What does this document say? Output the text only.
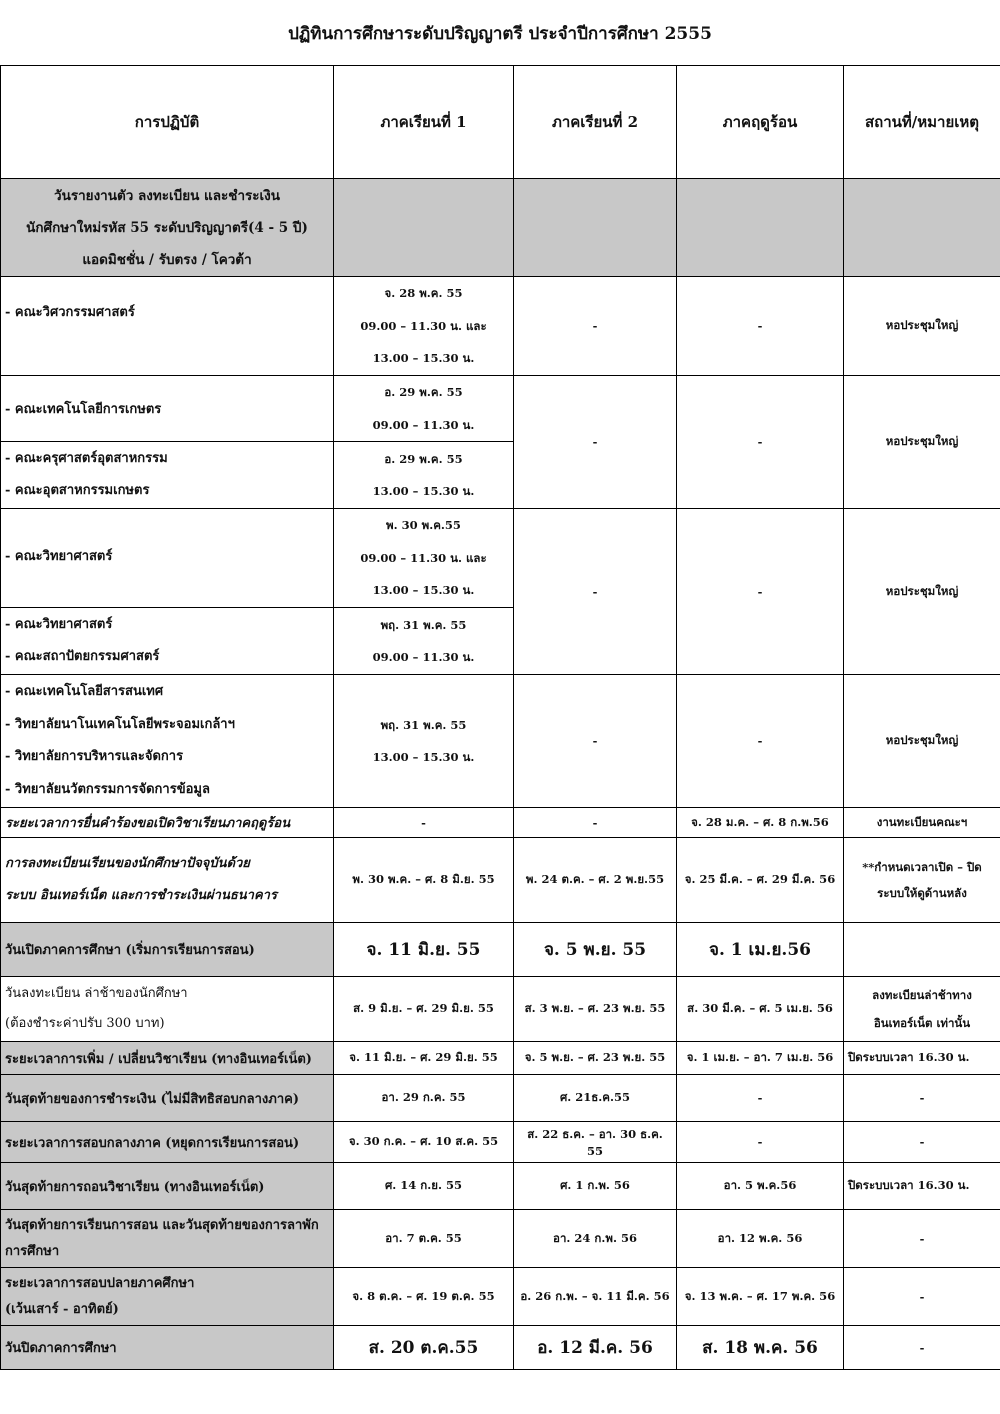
ปฏิทินการศึกษาระดับปริญญาตรี ประจำปีการศึกษา 2555
การปฏิบัติ	ภาคเรียนที่ 1	ภาคเรียนที่ 2	ภาคฤดูร้อน	สถานที่/หมายเหตุ

วันรายงานตัว ลงทะเบียน และชำระเงิน
นักศึกษาใหม่รหัส 55 ระดับปริญญาตรี(4 - 5 ปี)
แอดมิชชั่น / รับตรง / โควต้า				

- คณะวิศวกรรมศาสตร์	จ. 28 พ.ค. 55
09.00 – 11.30 น. และ
13.00 – 15.30 น.	-	-	หอประชุมใหญ่
- คณะเทคโนโลยีการเกษตร	อ. 29 พ.ค. 55
09.00 – 11.30 น.	-	-	หอประชุมใหญ่

- คณะครุศาสตร์อุตสาหกรรม
- คณะอุตสาหกรรมเกษตร	อ. 29 พ.ค. 55
13.00 – 15.30 น.			

- คณะวิทยาศาสตร์	พ. 30 พ.ค.55
09.00 – 11.30 น. และ
13.00 – 15.30 น.	-	-	หอประชุมใหญ่

- คณะวิทยาศาสตร์
- คณะสถาปัตยกรรมศาสตร์	พฤ. 31 พ.ค. 55
09.00 – 11.30 น.			

- คณะเทคโนโลยีสารสนเทศ
- วิทยาลัยนาโนเทคโนโลยีพระจอมเกล้าฯ
- วิทยาลัยการบริหารและจัดการ
- วิทยาลัยนวัตกรรมการจัดการข้อมูล	พฤ. 31 พ.ค. 55
13.00 – 15.30 น.	-	-	หอประชุมใหญ่
ระยะเวลาการยื่นคำร้องขอเปิดวิชาเรียนภาคฤดูร้อน	-	-	จ. 28 ม.ค. – ศ. 8 ก.พ.56	งานทะเบียนคณะฯ

การลงทะเบียนเรียนของนักศึกษาปัจจุบันด้วย
ระบบ อินเทอร์เน็ต และการชำระเงินผ่านธนาคาร	พ. 30 พ.ค. – ศ. 8 มิ.ย. 55	พ. 24 ต.ค. – ศ. 2 พ.ย.55	จ. 25 มี.ค. – ศ. 29 มี.ค. 56	**กำหนดเวลาเปิด – ปิด
ระบบให้ดูด้านหลัง

วันเปิดภาคการศึกษา (เริ่มการเรียนการสอน)	จ. 11 มิ.ย. 55	จ. 5 พ.ย. 55	จ. 1 เม.ย.56	

วันลงทะเบียน ล่าช้าของนักศึกษา
(ต้องชำระค่าปรับ 300 บาท)	ส. 9 มิ.ย. – ศ. 29 มิ.ย. 55	ส. 3 พ.ย. – ศ. 23 พ.ย. 55	ส. 30 มี.ค. – ศ. 5 เม.ย. 56	ลงทะเบียนล่าช้าทาง
อินเทอร์เน็ต เท่านั้น

ระยะเวลาการเพิ่ม / เปลี่ยนวิชาเรียน (ทางอินเทอร์เน็ต)	จ. 11 มิ.ย. – ศ. 29 มิ.ย. 55	จ. 5 พ.ย. – ศ. 23 พ.ย. 55	จ. 1 เม.ย. – อา. 7 เม.ย. 56	ปิดระบบเวลา 16.30 น.
วันสุดท้ายของการชำระเงิน (ไม่มีสิทธิสอบกลางภาค)	อา. 29 ก.ค. 55	ศ. 21ธ.ค.55	-	-
ระยะเวลาการสอบกลางภาค (หยุดการเรียนการสอน)	จ. 30 ก.ค. – ศ. 10 ส.ค. 55	ส. 22 ธ.ค. – อา. 30 ธ.ค. 55	-	-
วันสุดท้ายการถอนวิชาเรียน (ทางอินเทอร์เน็ต)	ศ. 14 ก.ย. 55	ศ. 1 ก.พ. 56	อา. 5 พ.ค.56	ปิดระบบเวลา 16.30 น.

วันสุดท้ายการเรียนการสอน และวันสุดท้ายของการลาพัก
การศึกษา	อา. 7 ต.ค. 55	อา. 24 ก.พ. 56	อา. 12 พ.ค. 56	-

ระยะเวลาการสอบปลายภาคศึกษา
(เว้นเสาร์ - อาทิตย์)	จ. 8 ต.ค. – ศ. 19 ต.ค. 55	อ. 26 ก.พ. – จ. 11 มี.ค. 56	จ. 13 พ.ค. – ศ. 17 พ.ค. 56	-
วันปิดภาคการศึกษา	ส. 20 ต.ค.55	อ. 12 มี.ค. 56	ส. 18 พ.ค. 56	-
